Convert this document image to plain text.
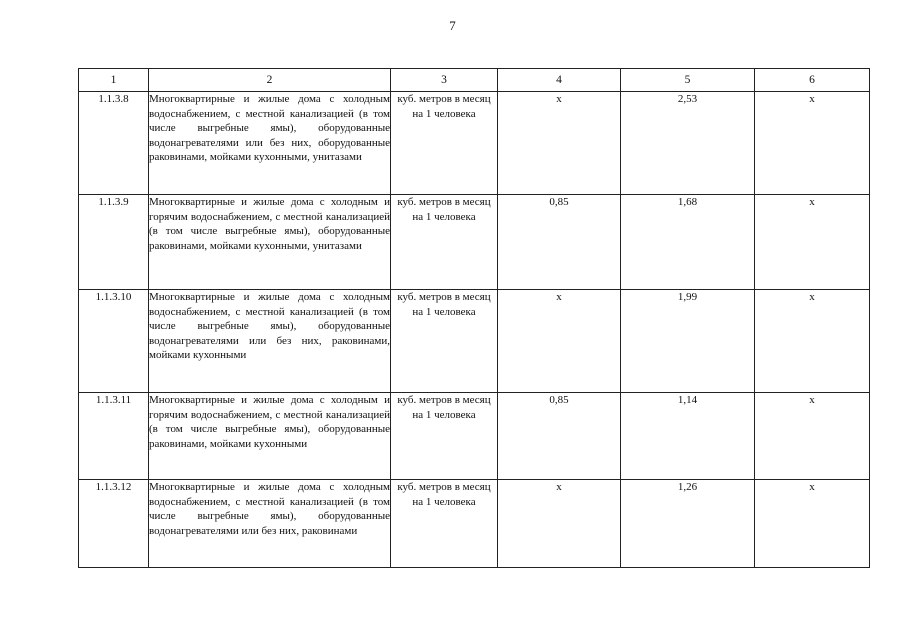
7
1	2	3	4	5	6
1.1.3.8	Многоквартирные и жилые дома с холодным водоснабжением, с местной канализацией (в том числе выгребные ямы), оборудованные водонагревателями или без них, оборудованные раковинами, мойками кухонными, унитазами	куб. метров в месяц на 1 человека	x	2,53	x
1.1.3.9	Многоквартирные и жилые дома с холодным и горячим водоснабжением, с местной канализацией (в том числе выгребные ямы), оборудованные раковинами, мойками кухонными, унитазами	куб. метров в месяц на 1 человека	0,85	1,68	x
1.1.3.10	Многоквартирные и жилые дома с холодным водоснабжением, с местной канализацией (в том числе выгребные ямы), оборудованные водонагревателями или без них, раковинами, мойками кухонными	куб. метров в месяц на 1 человека	x	1,99	x
1.1.3.11	Многоквартирные и жилые дома с холодным и горячим водоснабжением, с местной канализацией (в том числе выгребные ямы), оборудованные раковинами, мойками кухонными	куб. метров в месяц на 1 человека	0,85	1,14	x
1.1.3.12	Многоквартирные и жилые дома с холодным водоснабжением, с местной канализацией (в том числе выгребные ямы), оборудованные водонагревателями или без них, раковинами	куб. метров в месяц на 1 человека	x	1,26	x
